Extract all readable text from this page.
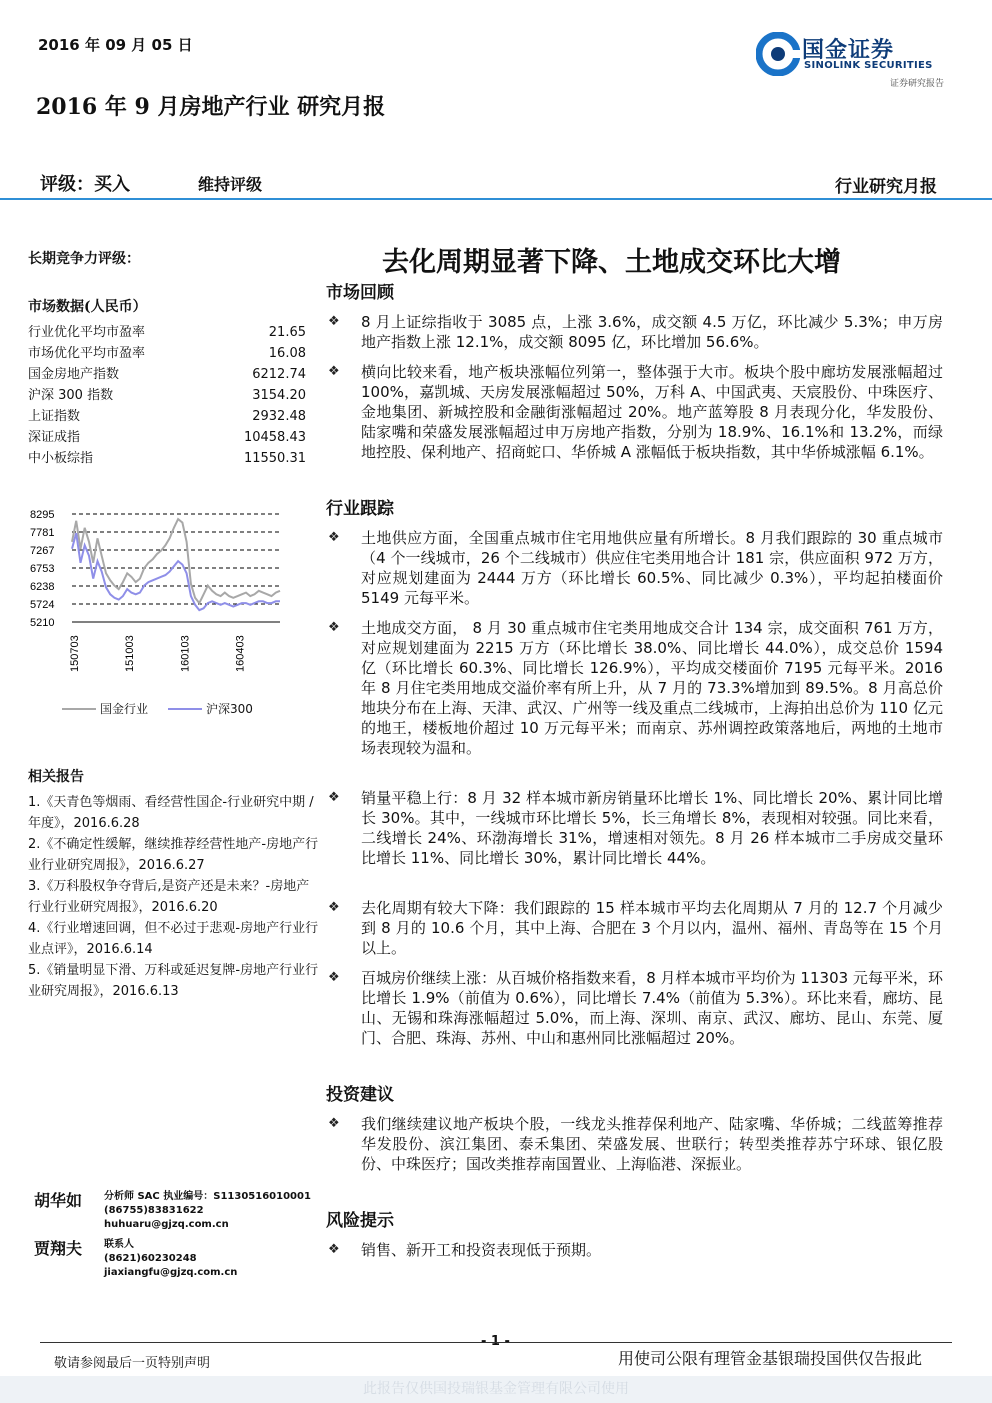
2016 年 09 月 05 日	国金证券
SINOLINK SECURITIES
证券研究报告
2016 年 9 月房地产行业 研究月报
评级：买入	维持评级	行业研究月报
长期竞争力评级：
市场数据(人民币）
行业优化平均市盈率	21.65
市场优化平均市盈率	16.08
国金房地产指数	6212.74
沪深 300 指数	3154.20
上证指数	2932.48
深证成指	10458.43
中小板综指	11550.31
8295
7781
7267
6753
6238
5724
5210
150703	151003	160103	160403
国金行业	沪深300
相关报告
1.《天青色等烟雨、看经营性国企-行业研究中期 / 年度》，2016.6.28
2.《不确定性缓解，继续推荐经营性地产-房地产行业行业研究周报》，2016.6.27
3.《万科股权争夺背后,是资产还是未来？-房地产行业行业研究周报》，2016.6.20
4.《行业增速回调，但不必过于悲观-房地产行业行业点评》，2016.6.14
5.《销量明显下滑、万科或延迟复牌-房地产行业行业研究周报》，2016.6.13
胡华如	分析师 SAC 执业编号：S1130516010001
(86755)83831622
huhuaru@gjzq.com.cn
贾翔夫	联系人
(8621)60230248
jiaxiangfu@gjzq.com.cn
去化周期显著下降、土地成交环比大增
市场回顾
❖ 8 月上证综指收于 3085 点，上涨 3.6%，成交额 4.5 万亿，环比减少 5.3%；申万房地产指数上涨 12.1%，成交额 8095 亿，环比增加 56.6%。
❖ 横向比较来看，地产板块涨幅位列第一，整体强于大市。板块个股中廊坊发展涨幅超过 100%，嘉凯城、天房发展涨幅超过 50%，万科 A、中国武夷、天宸股份、中珠医疗、金地集团、新城控股和金融街涨幅超过 20%。地产蓝筹股 8 月表现分化，华发股份、陆家嘴和荣盛发展涨幅超过申万房地产指数，分别为 18.9%、16.1%和 13.2%，而绿地控股、保利地产、招商蛇口、华侨城 A 涨幅低于板块指数，其中华侨城涨幅 6.1%。
行业跟踪
❖ 土地供应方面，全国重点城市住宅用地供应量有所增长。8 月我们跟踪的 30 重点城市（4 个一线城市，26 个二线城市）供应住宅类用地合计 181 宗，供应面积 972 万方，对应规划建面为 2444 万方（环比增长 60.5%、同比减少 0.3%），平均起拍楼面价 5149 元每平米。
❖ 土地成交方面， 8 月 30 重点城市住宅类用地成交合计 134 宗，成交面积 761 万方，对应规划建面为 2215 万方（环比增长 38.0%、同比增长 44.0%），成交总价 1594 亿（环比增长 60.3%、同比增长 126.9%），平均成交楼面价 7195 元每平米。2016 年 8 月住宅类用地成交溢价率有所上升，从 7 月的 73.3%增加到 89.5%。8 月高总价地块分布在上海、天津、武汉、广州等一线及重点二线城市，上海拍出总价为 110 亿元的地王，楼板地价超过 10 万元每平米；而南京、苏州调控政策落地后，两地的土地市场表现较为温和。
❖ 销量平稳上行：8 月 32 样本城市新房销量环比增长 1%、同比增长 20%、累计同比增长 30%。其中，一线城市环比增长 5%，长三角增长 8%，表现相对较强。同比来看，二线增长 24%、环渤海增长 31%，增速相对领先。8 月 26 样本城市二手房成交量环比增长 11%、同比增长 30%，累计同比增长 44%。
❖ 去化周期有较大下降：我们跟踪的 15 样本城市平均去化周期从 7 月的 12.7 个月减少到 8 月的 10.6 个月，其中上海、合肥在 3 个月以内，温州、福州、青岛等在 15 个月以上。
❖ 百城房价继续上涨：从百城价格指数来看，8 月样本城市平均价为 11303 元每平米，环比增长 1.9%（前值为 0.6%），同比增长 7.4%（前值为 5.3%）。环比来看，廊坊、昆山、无锡和珠海涨幅超过 5.0%，而上海、深圳、南京、武汉、廊坊、昆山、东莞、厦门、合肥、珠海、苏州、中山和惠州同比涨幅超过 20%。
投资建议
❖ 我们继续建议地产板块个股，一线龙头推荐保利地产、陆家嘴、华侨城；二线蓝筹推荐华发股份、滨江集团、泰禾集团、荣盛发展、世联行；转型类推荐苏宁环球、银亿股份、中珠医疗；国改类推荐南国置业、上海临港、深振业。
风险提示
❖ 销售、新开工和投资表现低于预期。
- 1 -
敬请参阅最后一页特别声明	用使司公限有理管金基银瑞投国供仅告报此
此报告仅供国投瑞银基金管理有限公司使用
